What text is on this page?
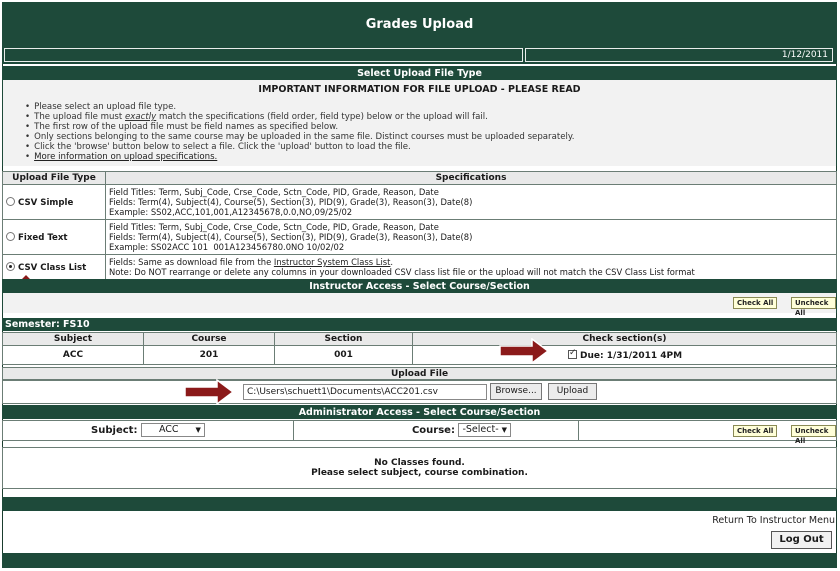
Grades Upload
1/12/2011
Select Upload File Type
IMPORTANT INFORMATION FOR FILE UPLOAD - PLEASE READ
• Please select an upload file type.
• The upload file must exactly match the specifications (field order, field type) below or the upload will fail.
• The first row of the upload file must be field names as specified below.
• Only sections belonging to the same course may be uploaded in the same file. Distinct courses must be uploaded separately.
• Click the 'browse' button below to select a file. Click the 'upload' button to load the file.
• More information on upload specifications.
Upload File Type	Specifications
CSV Simple	Field Titles: Term, Subj_Code, Crse_Code, Sctn_Code, PID, Grade, Reason, Date
Fields: Term(4), Subject(4), Course(5), Section(3), PID(9), Grade(3), Reason(3), Date(8)
Example: SS02,ACC,101,001,A12345678,0.0,NO,09/25/02

Fixed Text	Field Titles: Term, Subj_Code, Crse_Code, Sctn_Code, PID, Grade, Reason, Date
Fields: Term(4), Subject(4), Course(5), Section(3), PID(9), Grade(3), Reason(3), Date(8)
Example: SS02ACC 101  001A123456780.0NO 10/02/02

CSV Class List	Fields: Same as download file from the Instructor System Class List.
Note: Do NOT rearrange or delete any columns in your downloaded CSV class list file or the upload will not match the CSV Class List format
Instructor Access - Select Course/Section
Check All	Uncheck All
Semester: FS10
Subject	Course	Section	Check section(s)
ACC	201	001	✓Due: 1/31/2011 4PM
Upload File
C:\Users\schuett1\Documents\ACC201.csv	Browse...	Upload
Administrator Access - Select Course/Section
Subject: ACC ▼	Course: -Select- ▼	Check All	Uncheck All
No Classes found.
Please select subject, course combination.
Return To Instructor Menu
Log Out
